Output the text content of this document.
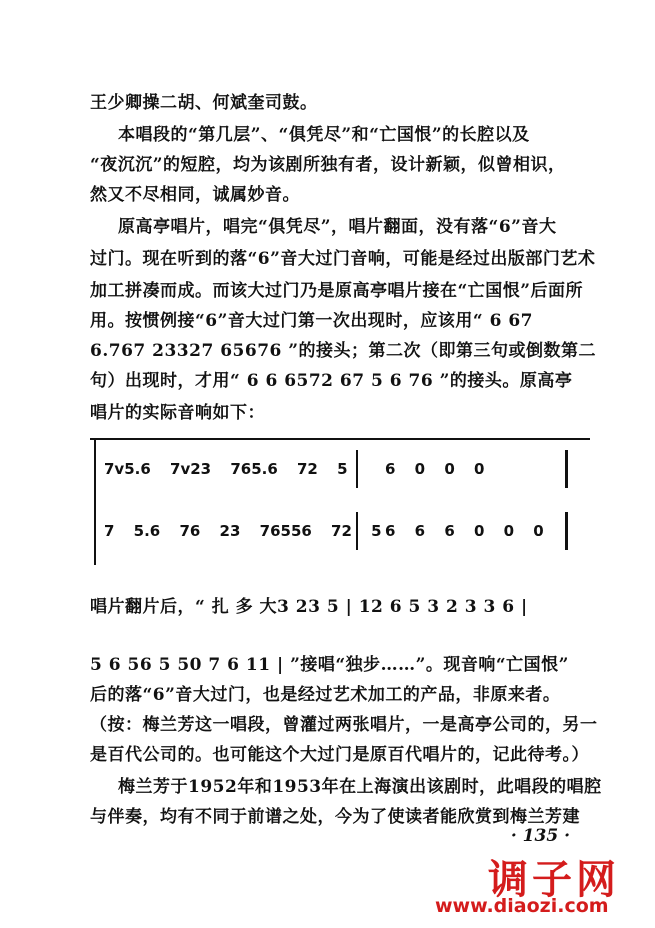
王少卿操二胡、何斌奎司鼓。
本唱段的“第几层”、“俱凭尽”和“亡国恨”的长腔以及
“夜沉沉”的短腔，均为该剧所独有者，设计新颖，似曾相识，
然又不尽相同，诚属妙音。
原高亭唱片，唱完“俱凭尽”，唱片翻面，没有落“6”音大
过门。现在听到的落“6”音大过门音响，可能是经过出版部门艺术
加工拼凑而成。而该大过门乃是原高亭唱片接在“亡国恨”后面所
用。按惯例接“6”音大过门第一次出现时，应该用“ 6 67
6.767 23327 65676 ”的接头；第二次（即第三句或倒数第二
句）出现时，才用“ 6 6 6572 67 5 6 76 ”的接头。原高亭
唱片的实际音响如下：
7v5.6 7v23 765.6 72 5 6 0 0 0
7 5.6 76 23 76556 72 5 6 6 6 0 0 0
唱片翻片后，“ 扎 多 大3 23 5 | 12 6 5 3 2 3 3 6 |
5 6 56 5 50 7 6 11 | ”接唱“独步……”。现音响“亡国恨”
后的落“6”音大过门，也是经过艺术加工的产品，非原来者。
（按：梅兰芳这一唱段，曾灌过两张唱片，一是高亭公司的，另一
是百代公司的。也可能这个大过门是原百代唱片的，记此待考。）
梅兰芳于1952年和1953年在上海演出该剧时，此唱段的唱腔
与伴奏，均有不同于前谱之处，今为了使读者能欣赏到梅兰芳建
· 135 ·
调子网
www.diaozi.com
